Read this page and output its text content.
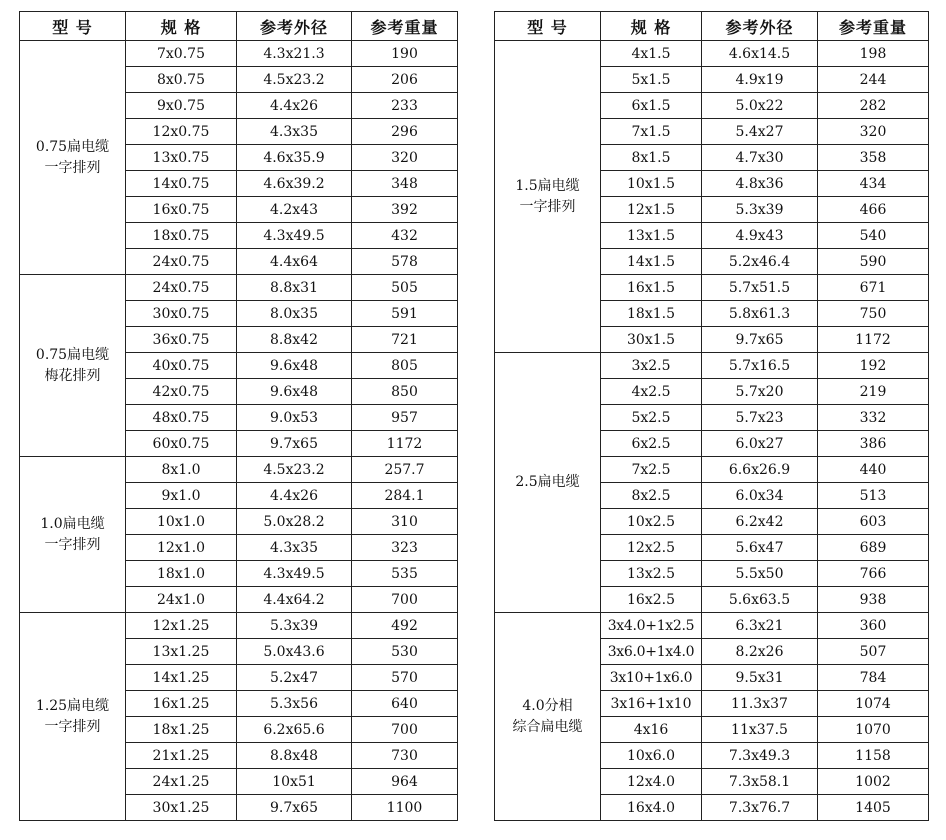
型 号	规 格	参考外径	参考重量

0.75扁电缆
一字排列	7x0.75	4.3x21.3	190
	8x0.75	4.5x23.2	206
	9x0.75	4.4x26	233
	12x0.75	4.3x35	296
	13x0.75	4.6x35.9	320
	14x0.75	4.6x39.2	348
	16x0.75	4.2x43	392
	18x0.75	4.3x49.5	432
	24x0.75	4.4x64	578

0.75扁电缆
梅花排列	24x0.75	8.8x31	505
	30x0.75	8.0x35	591
	36x0.75	8.8x42	721
	40x0.75	9.6x48	805
	42x0.75	9.6x48	850
	48x0.75	9.0x53	957
	60x0.75	9.7x65	1172

1.0扁电缆
一字排列	8x1.0	4.5x23.2	257.7
	9x1.0	4.4x26	284.1
	10x1.0	5.0x28.2	310
	12x1.0	4.3x35	323
	18x1.0	4.3x49.5	535
	24x1.0	4.4x64.2	700

1.25扁电缆
一字排列	12x1.25	5.3x39	492
	13x1.25	5.0x43.6	530
	14x1.25	5.2x47	570
	16x1.25	5.3x56	640
	18x1.25	6.2x65.6	700
	21x1.25	8.8x48	730
	24x1.25	10x51	964
	30x1.25	9.7x65	1100
型 号	规 格	参考外径	参考重量

1.5扁电缆
一字排列	4x1.5	4.6x14.5	198
	5x1.5	4.9x19	244
	6x1.5	5.0x22	282
	7x1.5	5.4x27	320
	8x1.5	4.7x30	358
	10x1.5	4.8x36	434
	12x1.5	5.3x39	466
	13x1.5	4.9x43	540
	14x1.5	5.2x46.4	590
	16x1.5	5.7x51.5	671
	18x1.5	5.8x61.3	750
	30x1.5	9.7x65	1172

2.5扁电缆	3x2.5	5.7x16.5	192
	4x2.5	5.7x20	219
	5x2.5	5.7x23	332
	6x2.5	6.0x27	386
	7x2.5	6.6x26.9	440
	8x2.5	6.0x34	513
	10x2.5	6.2x42	603
	12x2.5	5.6x47	689
	13x2.5	5.5x50	766
	16x2.5	5.6x63.5	938

4.0分相
综合扁电缆	3x4.0+1x2.5	6.3x21	360
	3x6.0+1x4.0	8.2x26	507
	3x10+1x6.0	9.5x31	784
	3x16+1x10	11.3x37	1074
	4x16	11x37.5	1070
	10x6.0	7.3x49.3	1158
	12x4.0	7.3x58.1	1002
	16x4.0	7.3x76.7	1405
